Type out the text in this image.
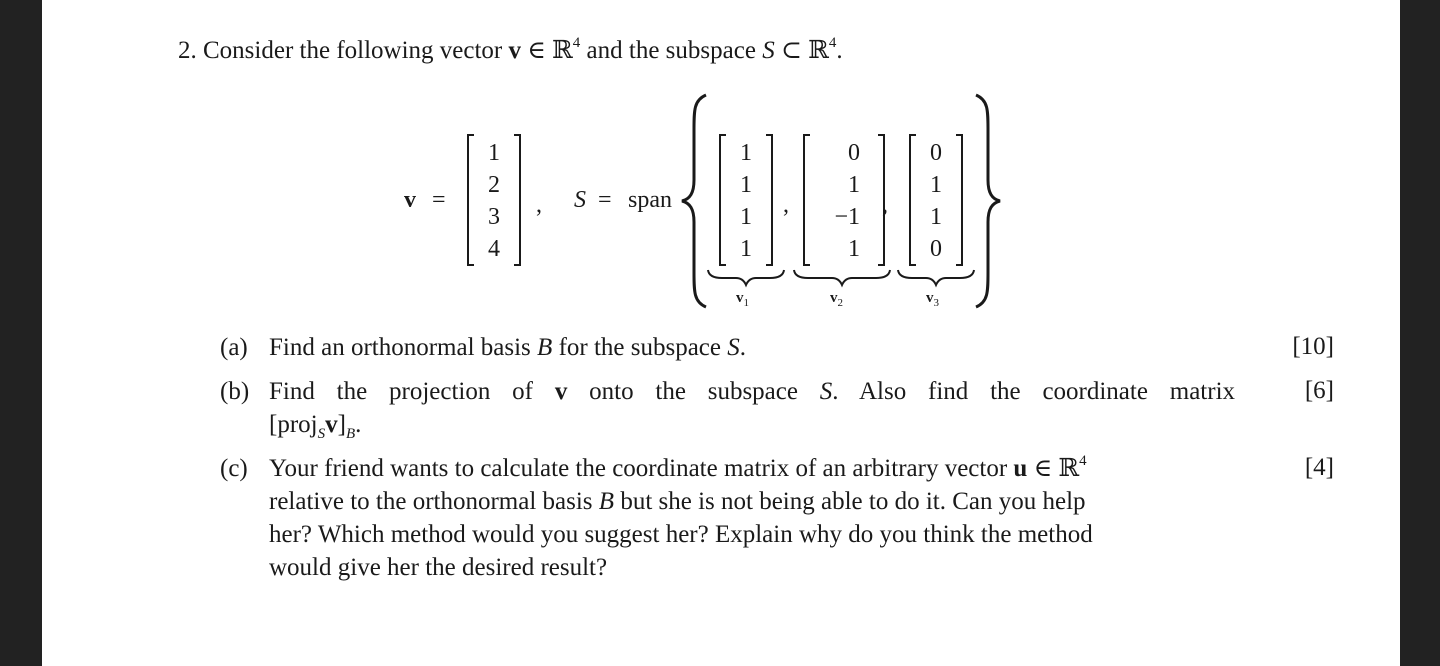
2. Consider the following vector v ∈ ℝ$^4$ and the subspace S ⊂ ℝ$^4$.
v =
1
2
3
4
, S = span
1
1
1
1
,
$v_1$
0
1
−1
1
,
$v_2$
0
1
1
0
$v_3$
(a) Find an orthonormal basis B for the subspace S.	[10]
(b) Find the projection of v onto the subspace S. Also find the coordinate matrix
$[proj_Sv]_B$.
[6]
(c) Your friend wants to calculate the coordinate matrix of an arbitrary vector u ∈ ℝ$^4$
relative to the orthonormal basis B but she is not being able to do it. Can you help
her? Which method would you suggest her? Explain why do you think the method
would give her the desired result?
[4]
